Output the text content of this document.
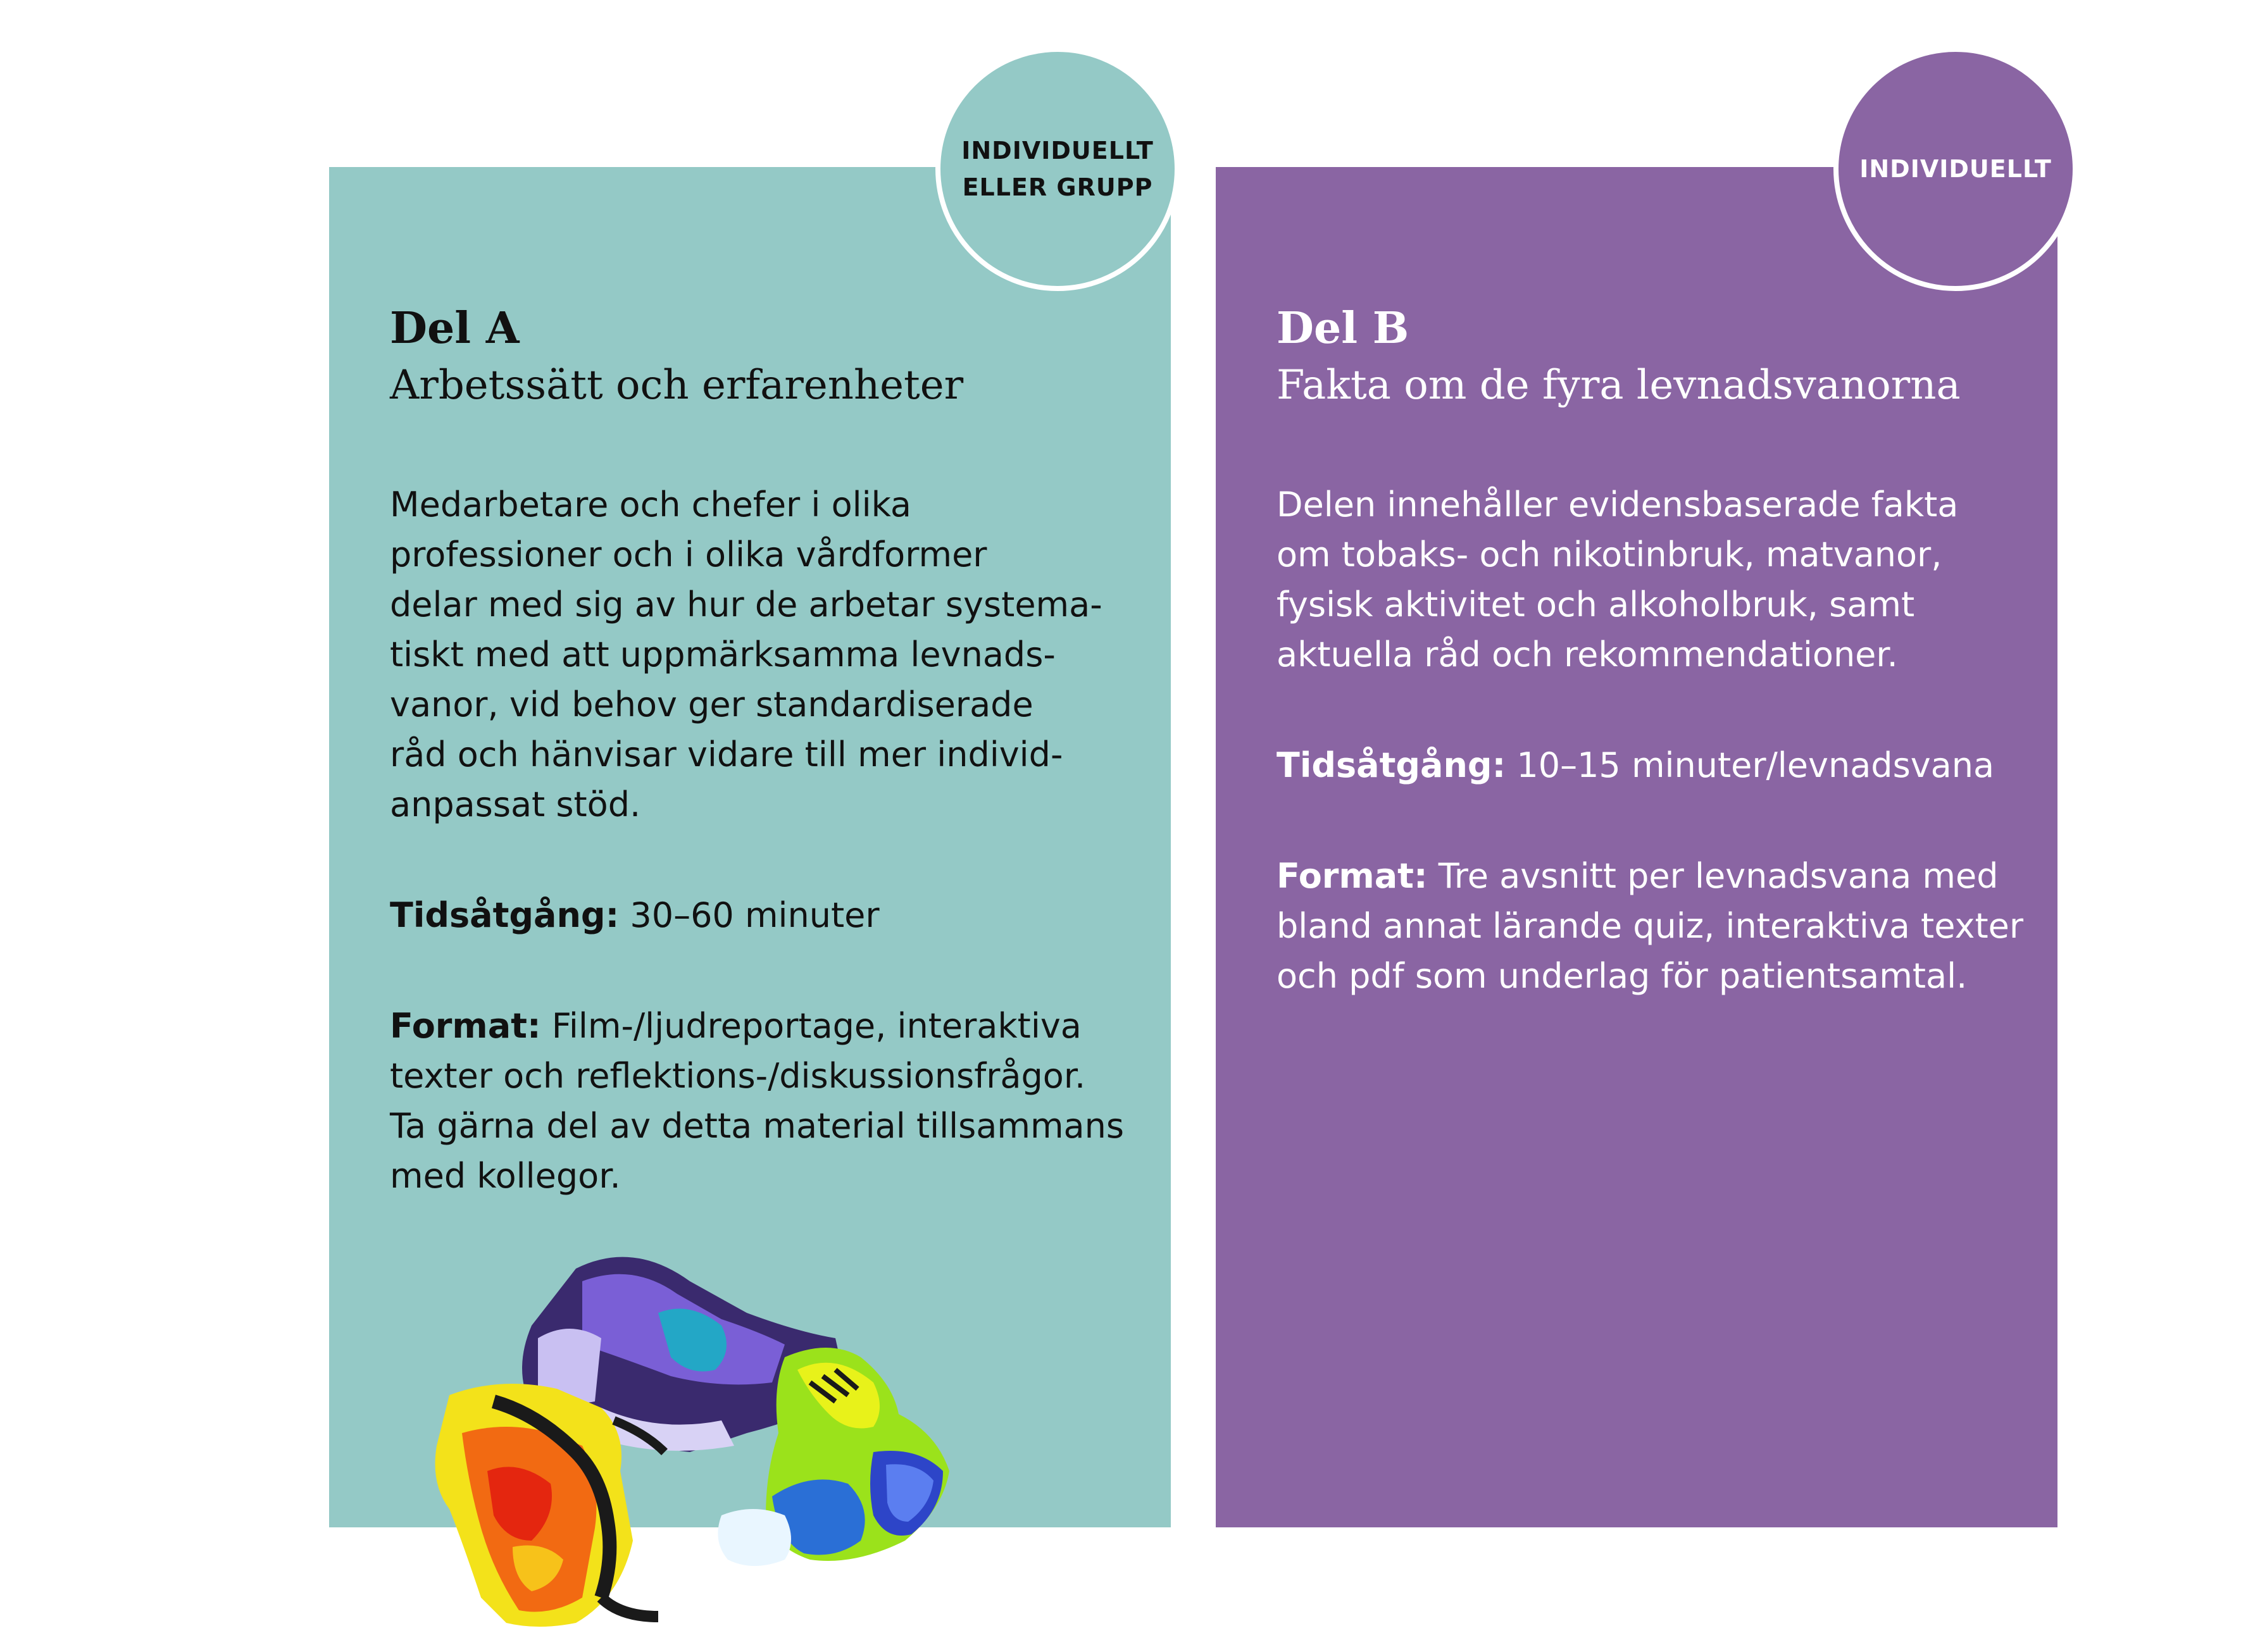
Del A
Arbetssätt och erfarenheter

Medarbetare och chefer i olika
professioner och i olika vårdformer
delar med sig av hur de arbetar systema-
tiskt med att uppmärksamma levnads-
vanor, vid behov ger standardiserade
råd och hänvisar vidare till mer individ-
anpassat stöd.

Tidsåtgång: 30–60 minuter

Format: Film-/ljudreportage, interaktiva
texter och reflektions-/diskussionsfrågor.
Ta gärna del av detta material tillsammans
med kollegor.

Del B
Fakta om de fyra levnadsvanorna

Delen innehåller evidensbaserade fakta
om tobaks- och nikotinbruk, matvanor,
fysisk aktivitet och alkoholbruk, samt
aktuella råd och rekommendationer.

Tidsåtgång: 10–15 minuter/levnadsvana

Format: Tre avsnitt per levnadsvana med
bland annat lärande quiz, interaktiva texter
och pdf som underlag för patientsamtal.

INDIVIDUELLT
ELLER GRUPP
INDIVIDUELLT
